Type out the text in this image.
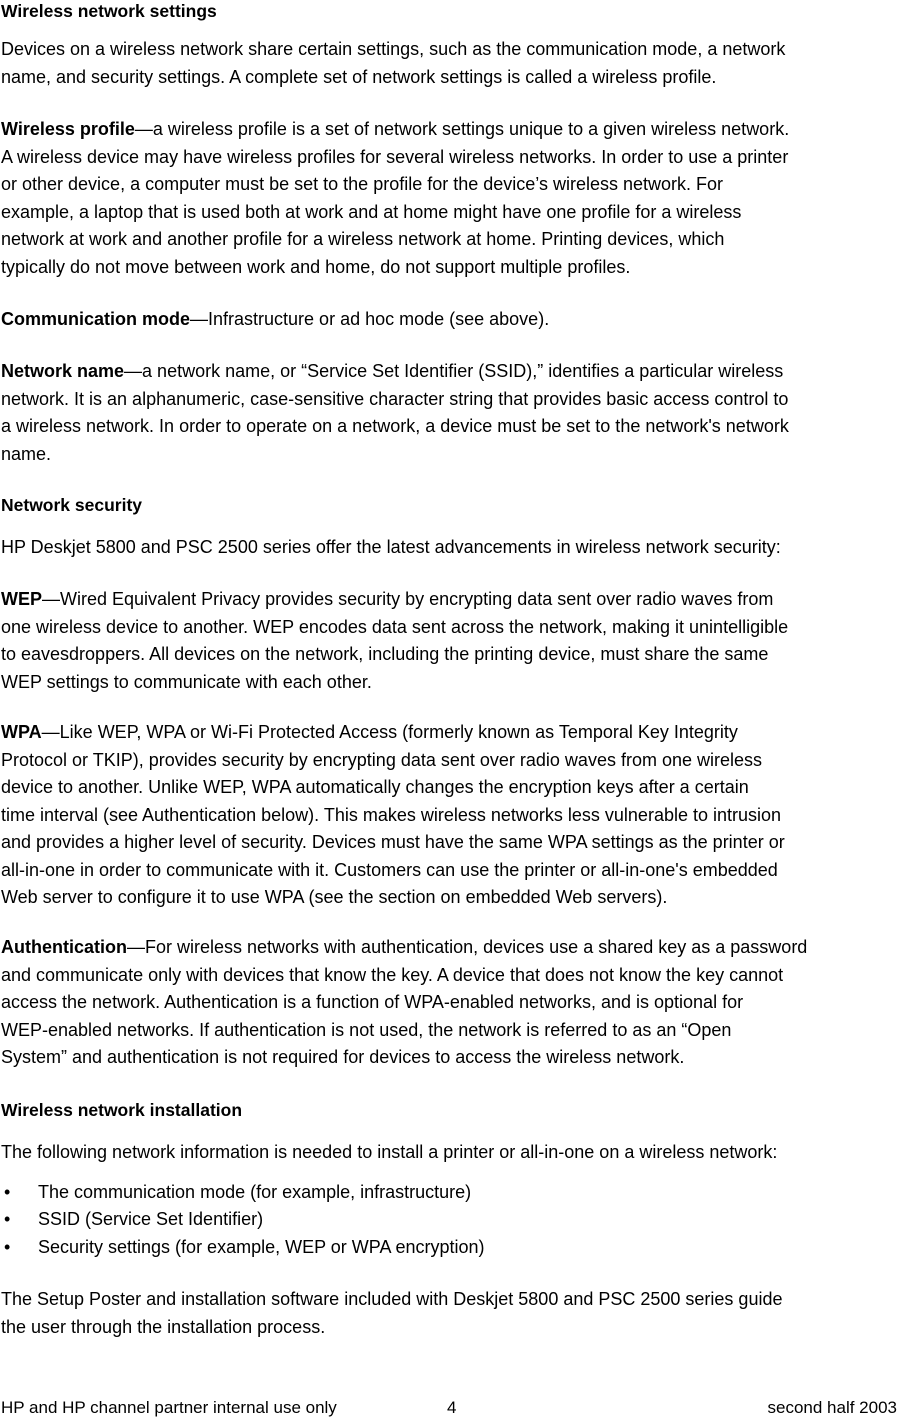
Wireless network settings

Devices on a wireless network share certain settings, such as the communication mode, a network
name, and security settings. A complete set of network settings is called a wireless profile.

Wireless profile—a wireless profile is a set of network settings unique to a given wireless network.
A wireless device may have wireless profiles for several wireless networks. In order to use a printer
or other device, a computer must be set to the profile for the device’s wireless network. For
example, a laptop that is used both at work and at home might have one profile for a wireless
network at work and another profile for a wireless network at home. Printing devices, which
typically do not move between work and home, do not support multiple profiles.

Communication mode—Infrastructure or ad hoc mode (see above).

Network name—a network name, or “Service Set Identifier (SSID),” identifies a particular wireless
network. It is an alphanumeric, case-sensitive character string that provides basic access control to
a wireless network. In order to operate on a network, a device must be set to the network's network
name.

Network security

HP Deskjet 5800 and PSC 2500 series offer the latest advancements in wireless network security:

WEP—Wired Equivalent Privacy provides security by encrypting data sent over radio waves from
one wireless device to another. WEP encodes data sent across the network, making it unintelligible
to eavesdroppers. All devices on the network, including the printing device, must share the same
WEP settings to communicate with each other.

WPA—Like WEP, WPA or Wi-Fi Protected Access (formerly known as Temporal Key Integrity
Protocol or TKIP), provides security by encrypting data sent over radio waves from one wireless
device to another. Unlike WEP, WPA automatically changes the encryption keys after a certain
time interval (see Authentication below). This makes wireless networks less vulnerable to intrusion
and provides a higher level of security. Devices must have the same WPA settings as the printer or
all-in-one in order to communicate with it. Customers can use the printer or all-in-one's embedded
Web server to configure it to use WPA (see the section on embedded Web servers).

Authentication—For wireless networks with authentication, devices use a shared key as a password
and communicate only with devices that know the key. A device that does not know the key cannot
access the network. Authentication is a function of WPA-enabled networks, and is optional for
WEP-enabled networks. If authentication is not used, the network is referred to as an “Open
System” and authentication is not required for devices to access the wireless network.

Wireless network installation

The following network information is needed to install a printer or all-in-one on a wireless network:

• The communication mode (for example, infrastructure)
• SSID (Service Set Identifier)
• Security settings (for example, WEP or WPA encryption)

The Setup Poster and installation software included with Deskjet 5800 and PSC 2500 series guide
the user through the installation process.

HP and HP channel partner internal use only	4	second half 2003
